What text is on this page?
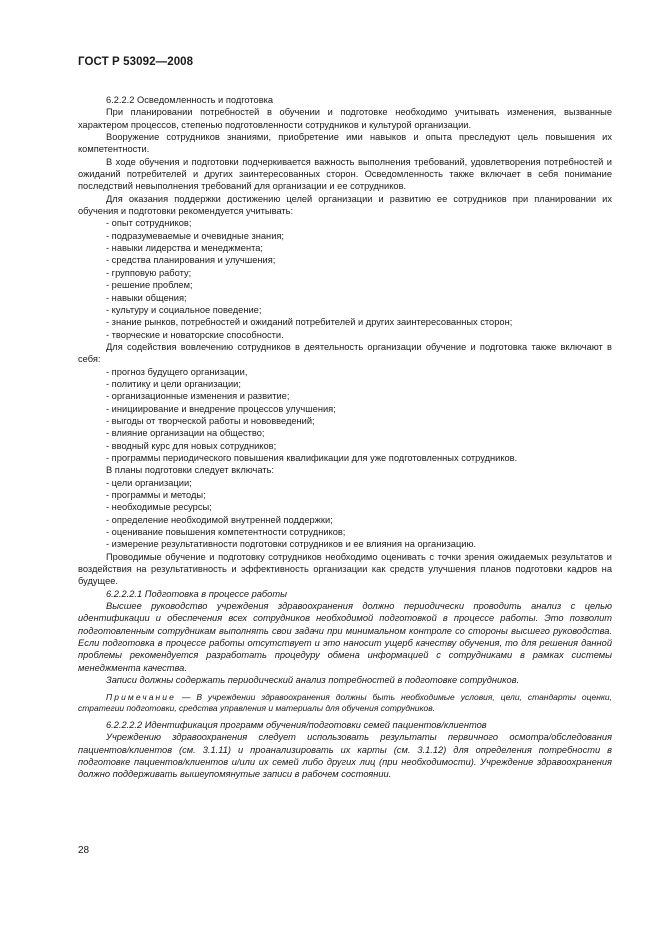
ГОСТ Р 53092—2008

6.2.2.2 Осведомленность и подготовка

При планировании потребностей в обучении и подготовке необходимо учитывать изменения, вызванные характером процессов, степенью подготовленности сотрудников и культурой организации.

Вооружение сотрудников знаниями, приобретение ими навыков и опыта преследуют цель повышения их компетентности.

В ходе обучения и подготовки подчеркивается важность выполнения требований, удовлетворения потребностей и ожиданий потребителей и других заинтересованных сторон. Осведомленность также включает в себя понимание последствий невыполнения требований для организации и ее сотрудников.

Для оказания поддержки достижению целей организации и развитию ее сотрудников при планировании их обучения и подготовки рекомендуется учитывать:

- опыт сотрудников;

- подразумеваемые и очевидные знания;

- навыки лидерства и менеджмента;

- средства планирования и улучшения;

- групповую работу;

- решение проблем;

- навыки общения;

- культуру и социальное поведение;

- знание рынков, потребностей и ожиданий потребителей и других заинтересованных сторон;

- творческие и новаторские способности.

Для содействия вовлечению сотрудников в деятельность организации обучение и подготовка также включают в себя:

- прогноз будущего организации,

- политику и цели организации;

- организационные изменения и развитие;

- инициирование и внедрение процессов улучшения;

- выгоды от творческой работы и нововведений;

- влияние организации на общество;

- вводный курс для новых сотрудников;

- программы периодического повышения квалификации для уже подготовленных сотрудников.

В планы подготовки следует включать:

- цели организации;

- программы и методы;

- необходимые ресурсы;

- определение необходимой внутренней поддержки;

- оценивание повышения компетентности сотрудников;

- измерение результативности подготовки сотрудников и ее влияния на организацию.

Проводимые обучение и подготовку сотрудников необходимо оценивать с точки зрения ожидаемых результатов и воздействия на результативность и эффективность организации как средств улучшения планов подготовки кадров на будущее.

6.2.2.2.1 Подготовка в процессе работы

Высшее руководство учреждения здравоохранения должно периодически проводить анализ с целью идентификации и обеспечения всех сотрудников необходимой подготовкой в процессе работы. Это позволит подготовленным сотрудникам выполнять свои задачи при минимальном контроле со стороны высшего руководства. Если подготовка в процессе работы отсутствует и это наносит ущерб качеству обучения, то для решения данной проблемы рекомендуется разработать процедуру обмена информацией с сотрудниками в рамках системы менеджмента качества.

Записи должны содержать периодический анализ потребностей в подготовке сотрудников.

Примечание — В учреждении здравоохранения должны быть необходимые условия, цели, стандарты оценки, стратегии подготовки, средства управления и материалы для обучения сотрудников.

6.2.2.2.2 Идентификация программ обучения/подготовки семей пациентов/клиентов

Учреждению здравоохранения следует использовать результаты первичного осмотра/обследования пациентов/клиентов (см. 3.1.11) и проанализировать их карты (см. 3.1.12) для определения потребности в подготовке пациентов/клиентов и/или их семей либо других лиц (при необходимости). Учреждение здравоохранения должно поддерживать вышеупомянутые записи в рабочем состоянии.

28
